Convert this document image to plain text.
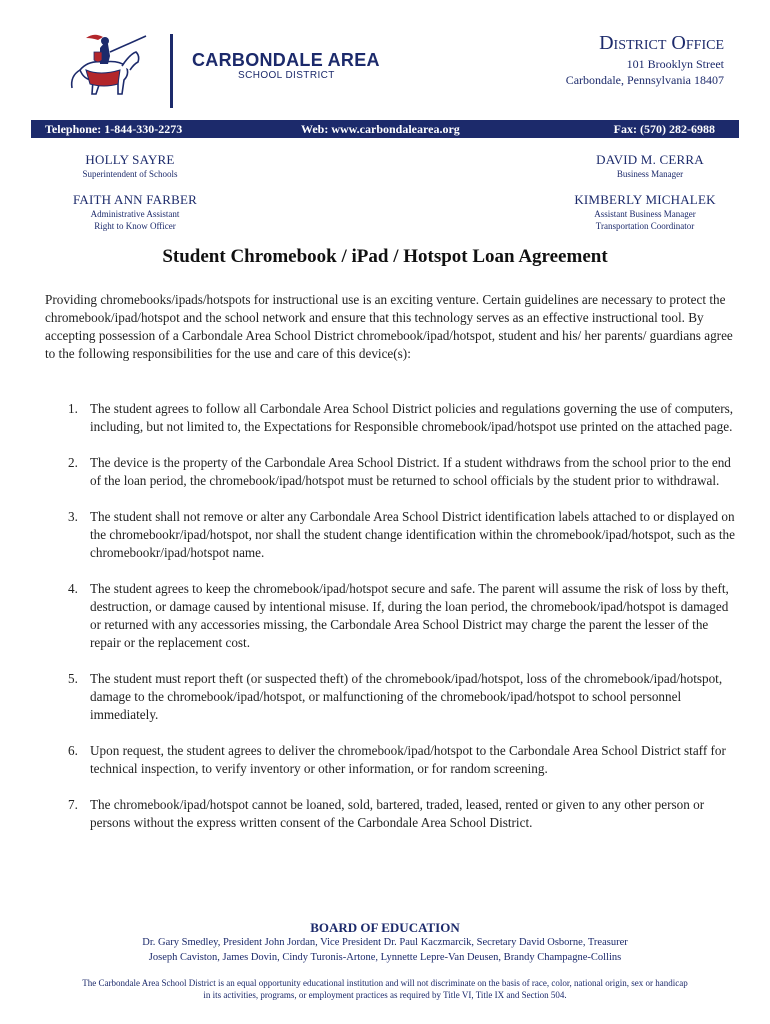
CARBONDALE AREA
SCHOOL DISTRICT
District Office
101 Brooklyn Street
Carbondale, Pennsylvania 18407
Telephone: 1-844-330-2273	Web: www.carbondalearea.org	Fax: (570) 282-6988
HOLLY SAYRE
Superintendent of Schools
FAITH ANN FARBER
Administrative Assistant
Right to Know Officer
DAVID M. CERRA
Business Manager
KIMBERLY MICHALEK
Assistant Business Manager
Transportation Coordinator
Student Chromebook / iPad / Hotspot Loan Agreement

Providing chromebooks/ipads/hotspots for instructional use is an exciting venture. Certain guidelines are necessary to protect the chromebook/ipad/hotspot and the school network and ensure that this technology serves as an effective instructional tool. By accepting possession of a Carbondale Area School District chromebook/ipad/hotspot, student and his/ her parents/ guardians agree to the following responsibilities for the use and care of this device(s):

1. The student agrees to follow all Carbondale Area School District policies and regulations governing the use of computers, including, but not limited to, the Expectations for Responsible chromebook/ipad/hotspot use printed on the attached page.
2. The device is the property of the Carbondale Area School District. If a student withdraws from the school prior to the end of the loan period, the chromebook/ipad/hotspot must be returned to school officials by the student prior to withdrawal.
3. The student shall not remove or alter any Carbondale Area School District identification labels attached to or displayed on the chromebookr/ipad/hotspot, nor shall the student change identification within the chromebook/ipad/hotspot, such as the chromebookr/ipad/hotspot name.
4. The student agrees to keep the chromebook/ipad/hotspot secure and safe. The parent will assume the risk of loss by theft, destruction, or damage caused by intentional misuse. If, during the loan period, the chromebook/ipad/hotspot is damaged or returned with any accessories missing, the Carbondale Area School District may charge the parent the lesser of the repair or the replacement cost.
5. The student must report theft (or suspected theft) of the chromebook/ipad/hotspot, loss of the chromebook/ipad/hotspot, damage to the chromebook/ipad/hotspot, or malfunctioning of the chromebook/ipad/hotspot to school personnel immediately.
6. Upon request, the student agrees to deliver the chromebook/ipad/hotspot to the Carbondale Area School District staff for technical inspection, to verify inventory or other information, or for random screening.
7. The chromebook/ipad/hotspot cannot be loaned, sold, bartered, traded, leased, rented or given to any other person or persons without the express written consent of the Carbondale Area School District.
BOARD OF EDUCATION
Dr. Gary Smedley, President John Jordan, Vice President Dr. Paul Kaczmarcik, Secretary David Osborne, Treasurer
Joseph Caviston, James Dovin, Cindy Turonis-Artone, Lynnette Lepre-Van Deusen, Brandy Champagne-Collins
The Carbondale Area School District is an equal opportunity educational institution and will not discriminate on the basis of race, color, national origin, sex or handicap
in its activities, programs, or employment practices as required by Title VI, Title IX and Section 504.
